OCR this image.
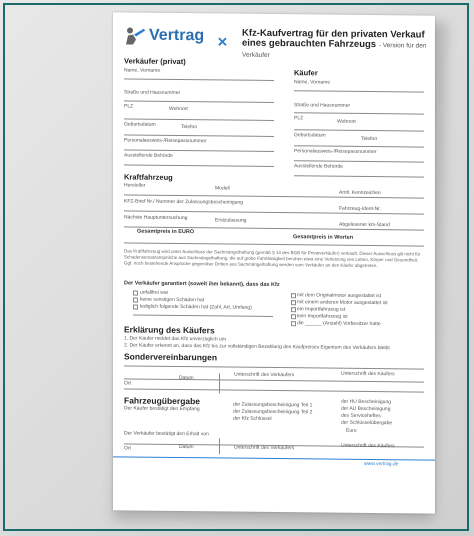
Vertrag ✕
Kfz-Kaufvertrag für den privaten Verkauf eines gebrauchten Fahrzeugs - Version für den Verkäufer
Verkäufer (privat)
Name, Vorname
Straße und Hausnummer
PLZ	Wohnort
Geburtsdatum	Telefon
Personalausweis-/Reisepassnummer
Ausstellende Behörde
Käufer
Name, Vorname
Straße und Hausnummer
PLZ
Wohnort
Geburtsdatum
Telefon
Personalausweis-/Reisepassnummer
Ausstellende Behörde
Kraftfahrzeug
Hersteller	Modell
Amtl. Kennzeichen
KFZ-Brief Nr./ Nummer der Zulassungsbescheinigung
Fahrzeug-Ident-Nr.
Nächste Hauptuntersuchung	Erstzulassung
Abgelesener km-Stand
Gesamtpreis in EURO
Gesamtpreis in Worten
Das Kraftfahrzeug wird unter Ausschluss der Sachmängelhaftung (gemäß § 14 des BGB für Privatverkäufer) verkauft. Dieser Ausschluss gilt nicht für Schadensersatzansprüche aus Sachmängelhaftung, die auf grobe Fahrlässigkeit beruhen etwa eine Verletzung von Leben, Körper und Gesundheit. Ggf. noch bestehende Ansprüche gegenüber Dritten aus Sachmängelhaftung werden vom Verkäufer an den Käufer abgetreten.
Der Verkäufer garantiert (soweit ihm bekannt), dass das Kfz
unfallfrei war
keine sonstigen Schäden hat
lediglich folgende Schäden hat (Zahl, Art, Umfang)
mit dem Originalmotor ausgestattet ist
mit einem anderen Motor ausgestattet ist
ein Importfahrzeug ist
kein Importfahrzeug ist
die ______ (Anzahl) Vorbesitzer hatte
Erklärung des Käufers
1. Der Käufer meldet das Kfz unverzüglich um
2. Der Käufer erkennt an, dass das Kfz bis zur vollständigen Bezahlung des Kaufpreises Eigentum des Verkäufers bleibt
Sondervereinbarungen
Ort
Datum	Unterschrift des Verkäufers	Unterschrift des Käufers
Fahrzeugübergabe
Der Käufer bestätigt den Empfang
der Zulassungsbescheinigung Teil 1
der Zulassungsbescheinigung Teil 2
der Kfz Schlüssel
der HU Bescheinigung
der AU Bescheinigung
des Serviceheftes
der Schlüsselübergabe
Euro
Der Verkäufer bestätigt den Erhalt von
Ort	Datum	Unterschrift des Verkäufers	Unterschrift des Käufers
www.vertrag.de
